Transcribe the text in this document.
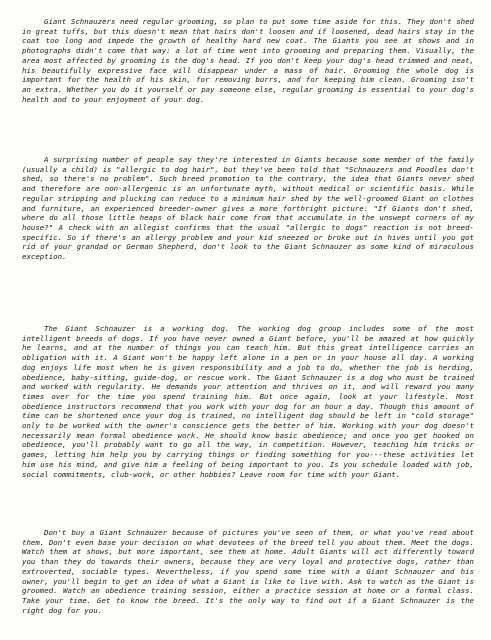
Giant Schnauzers need regular grooming, so plan to put some time aside for this. They don't shed in great tuffs, but this doesn't mean that hairs don't loosen and if loosened, dead hairs stay in the coat too long and impede the growth of healthy hard new coat. The Giants you see at shows and in photographs didn't come that way: a lot of time went into grooming and preparing them. Visually, the area most affected by grooming is the dog's head. If you don't keep your dog's head trimmed and neat, his beautifully expressive face will disappear under a mass of hair. Grooming the whole dog is important for the health of his skin, for removing burrs, and for keeping him clean. Grooming isn't an extra. Whether you do it yourself or pay someone else, regular grooming is essential to your dog's health and to your enjoyment of your dog.

A surprising number of people say they're interested in Giants because some member of the family (usually a child) is "allergic to dog hair", but they've been told that "Schnauzers and Poodles don't shed, so there's no problem". Such breed promotion to the contrary, the idea that Giants never shed and therefore are non-allergenic is an unfortunate myth, without medical or scientific basis. While regular stripping and plucking can reduce to a minimum hair shed by the well-groomed Giant on clothes and furniture, an experienced breeder-owner gives a more forthright picture: "If Giants don't shed, where do all those little heaps of black hair come from that accumulate in the unswept corners of my house?" A check with an allegist confirms that the usual "allergic to dogs" reaction is not breed-specific. So if there's an allergy problem and your kid sneezed or broke out in hives until you got rid of your grandad or German Shepherd, don't look to the Giant Schnauzer as some kind of miraculous exception.

The Giant Schnauzer is a working dog. The working dog group includes some of the most intelligent breeds of dogs. If you have never owned a Giant before, you'll be amazed at how quickly he learns, and at the number of things you can teach him. But this great intelligence carries an obligation with it. A Giant won't be happy left alone in a pen or in your house all day. A working dog enjoys life most when he is given responsibility and a job to do, whether the job is herding, obedience, baby-sitting, guide-dog, or rescue work. The Giant Schnauzer is a dog who must be trained and worked with regularity. He demands your attention and thrives on it, and will reward you many times over for the time you spend training him. But once again, look at your lifestyle. Most obedience instructors recommend that you work with your dog for an hour a day. Though this amount of time can be shortened once your dog is trained, no intelligent dog should be left in "cold storage" only to be worked with the owner's conscience gets the better of him. Working with your dog doesn't necessarily mean formal obedience work. He should know basic obedience; and once you get hooked on obedience, you'll probably want to go all the way, in competition. However, teaching him tricks or games, letting him help you by carrying things or finding something for you---these activities let him use his mind, and give him a feeling of being important to you. Is you schedule loaded with job, social commitments, club-work, or other hobbies? Leave room for time with your Giant.

Don't buy a Giant Schnauzer because of pictures you've seen of them, or what you've read about them. Don't even base your decision on what devotees of the breed tell you about them. Meet the dogs. Watch them at shows, but more important, see them at home. Adult Giants will act differently toward you than they do towards their owners, because they are very loyal and protective dogs, rather than extroverted, sociable types. Nevertheless, if you spend some time with a Giant Schnauzer and his owner, you'll begin to get an idea of what a Giant is like to live with. Ask to watch as the Giant is groomed. Watch an obedience training session, either a practice session at home or a formal class. Take your time. Get to know the breed. It's the only way to find out if a Giant Schnauzer is the right dog for you.
